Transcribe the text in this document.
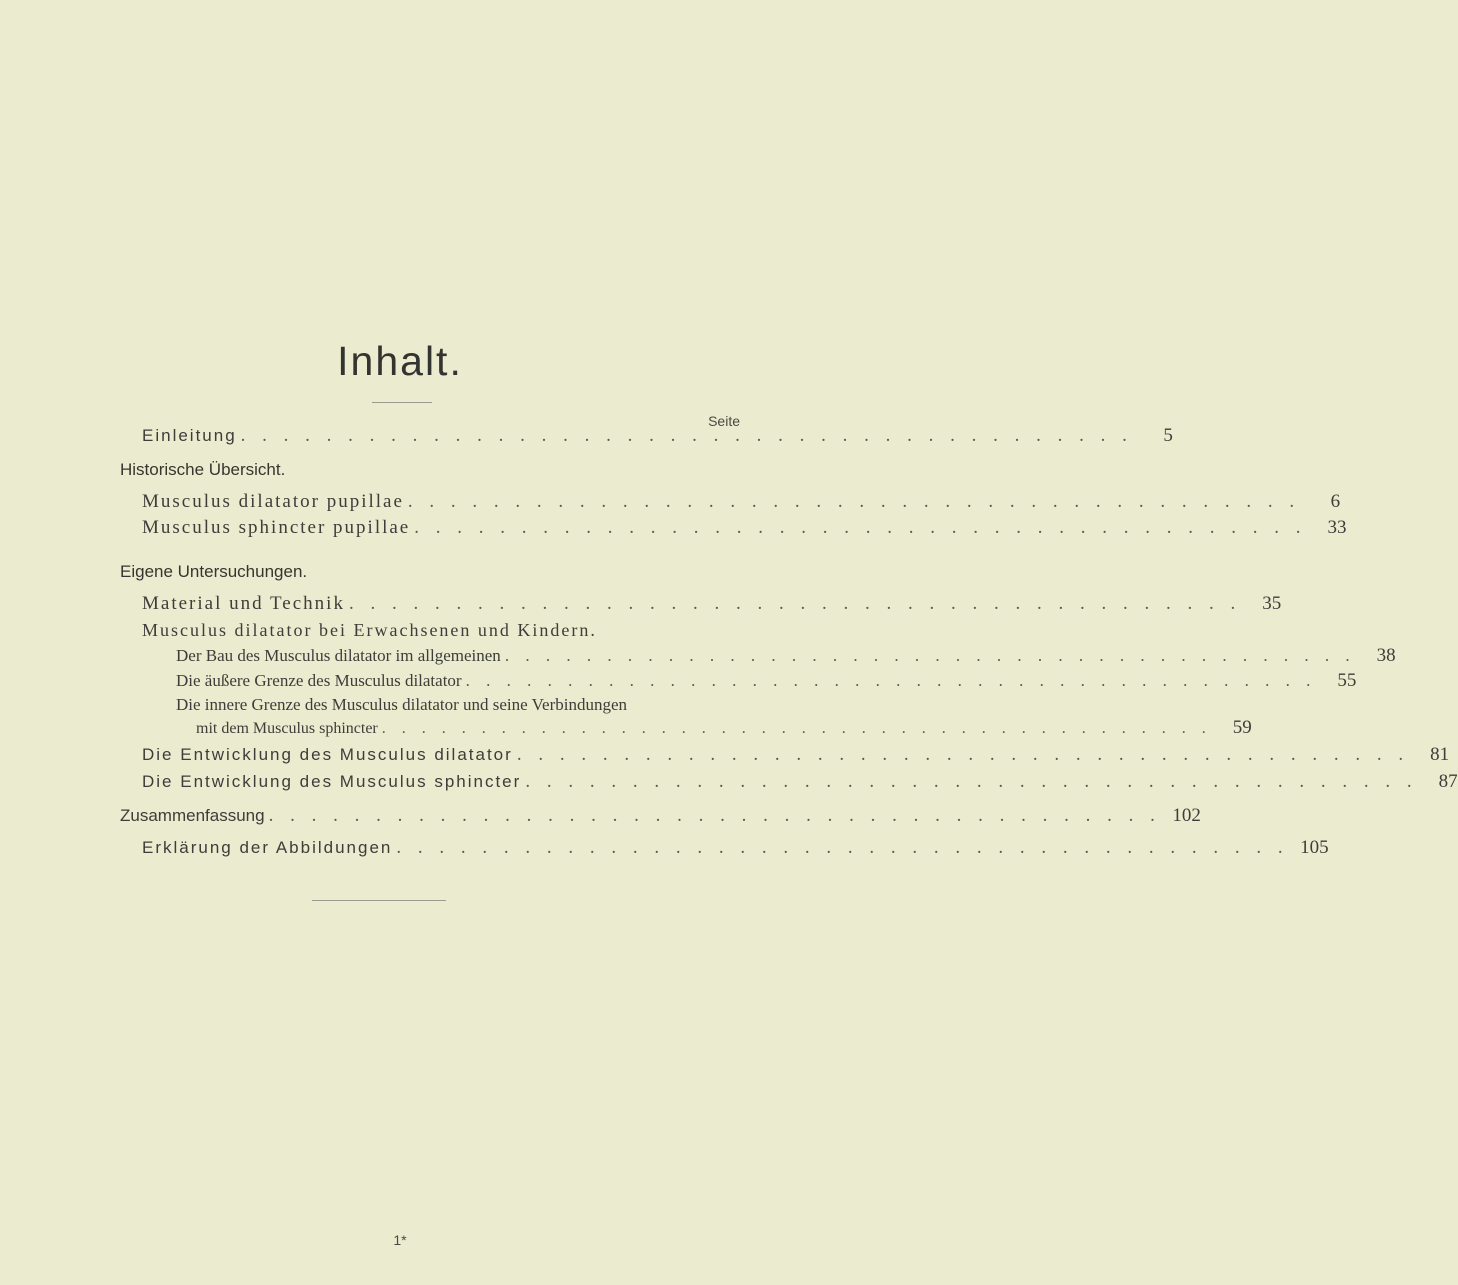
Inhalt.
Seite
Einleitung . . . . . . . . . . . . . . . . . . . . . . . . . . . . . . . . . . . . . . . . . .	5
Historische Übersicht.
Musculus dilatator pupillae . . . . . . . . . . . . . . . . . . . . . . . . . . . . . . . . . . . . . . . . . .	6
Musculus sphincter pupillae . . . . . . . . . . . . . . . . . . . . . . . . . . . . . . . . . . . . . . . . . .	33
Eigene Untersuchungen.
Material und Technik . . . . . . . . . . . . . . . . . . . . . . . . . . . . . . . . . . . . . . . . . .	35
Musculus dilatator bei Erwachsenen und Kindern.
Der Bau des Musculus dilatator im allgemeinen . . . . . . . . . . . . . . . . . . . . . . . . . . . . . . . . . . . . . . . . . .	38
Die äußere Grenze des Musculus dilatator . . . . . . . . . . . . . . . . . . . . . . . . . . . . . . . . . . . . . . . . . .	55
Die innere Grenze des Musculus dilatator und seine Verbindungen
mit dem Musculus sphincter . . . . . . . . . . . . . . . . . . . . . . . . . . . . . . . . . . . . . . . . . .	59
Die Entwicklung des Musculus dilatator . . . . . . . . . . . . . . . . . . . . . . . . . . . . . . . . . . . . . . . . . .	81
Die Entwicklung des Musculus sphincter . . . . . . . . . . . . . . . . . . . . . . . . . . . . . . . . . . . . . . . . . .	87
Zusammenfassung . . . . . . . . . . . . . . . . . . . . . . . . . . . . . . . . . . . . . . . . . . 102
Erklärung der Abbildungen . . . . . . . . . . . . . . . . . . . . . . . . . . . . . . . . . . . . . . . . . . 105
1*
